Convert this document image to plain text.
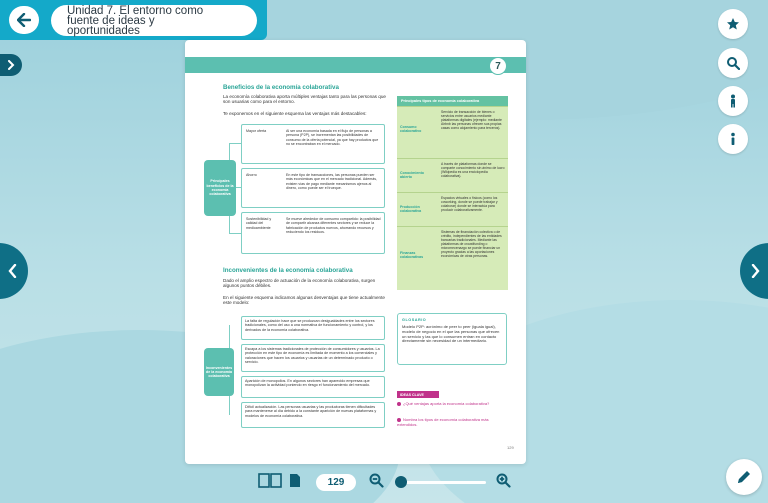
Unidad 7. El entorno como
fuente de ideas y
oportunidades
7
Beneficios de la economía colaborativa
La economía colaborativa aporta múltiples ventajas tanto para las personas que son usuarias como para el entorno.
Te exponemos en el siguiente esquema las ventajas más destacables:
Principales beneficios de la economía colaborativa
Mayor oferta	Al ser una economía basada en el flujo de personas a persona (P2P), se incrementan las posibilidades de consumo de la oferta potencial, ya que hay productos que no se encontraban en el mercado.
Ahorro	En este tipo de transacciones, las personas pueden ser más económicas que en el mercado tradicional. Además, existen vías de pago mediante mecanismos ajenos al dinero, como puede ser el trueque.
Sostenibilidad y calidad del medioambiente
Se mueve alrededor de consumo compartido: la posibilidad de compartir alcanza diferentes sectores y se reduce la fabricación de productos nuevos, ahorrando recursos y reduciendo los residuos.
Principales tipos de economía colaborativa
Consumo colaborativo
Servicio de transacción de bienes o servicios entre usuarios mediante plataformas digitales (ejemplo: mediante Airbnb las personas ofrecen sus propias casas como alojamiento para terceros).
Conocimiento abierto
A través de plataformas donde se comparte conocimiento sin ánimo de lucro (Wikipedia es una enciclopedia colaborativa).
Producción colaborativa
Espacios virtuales o físicos (como los coworking, donde se puede trabajar y colaborar) donde se interactúa para producir colaborativamente.
Finanzas colaborativas
Sistemas de financiación colectiva o de crédito, independientes de las entidades bancarias tradicionales. Mediante las plataformas de crowdfunding o micromecenazgo se puede financiar un proyecto gracias a las aportaciones económicas de otras personas.
Inconvenientes de la economía colaborativa
Dado el amplio espectro de actuación de la economía colaborativa, surgen algunos puntos débiles.
En el siguiente esquema indicamos algunas desventajas que tiene actualmente este modelo:
Inconvenientes de la economía colaborativa
La falta de regulación hace que se produzcan desigualdades entre los sectores tradicionales, como del uso a una normativa de funcionamiento y control, y los derivados de la economía colaborativa.
Escapa a los sistemas tradicionales de protección de consumidores y usuarios. La protección en este tipo de economía es limitada de momento a los comerciales y valoraciones que hacen los usuarios y usuarias de un determinado producto o servicio.
Aparición de monopolios. En algunos sectores han aparecido empresas que monopolizan la actividad poniendo en riesgo el funcionamiento del mercado.
Difícil actualización. Las personas usuarias y las productoras tienen dificultades para mantenerse al día debido a la constante aparición de nuevas plataformas y modelos de economía colaborativa.
GLOSARIO
Modelo P2P: acrónimo de peer to peer (iguala igual), modelo de negocio en el que las personas que ofrecen un servicio y las que lo consumen entran en contacto directamente sin necesidad de un intermediario.
IDEAS CLAVE
¿Qué ventajas aporta la economía colaborativa?
Nombra los tipos de economía colaborativa más extendidos.
129
129
